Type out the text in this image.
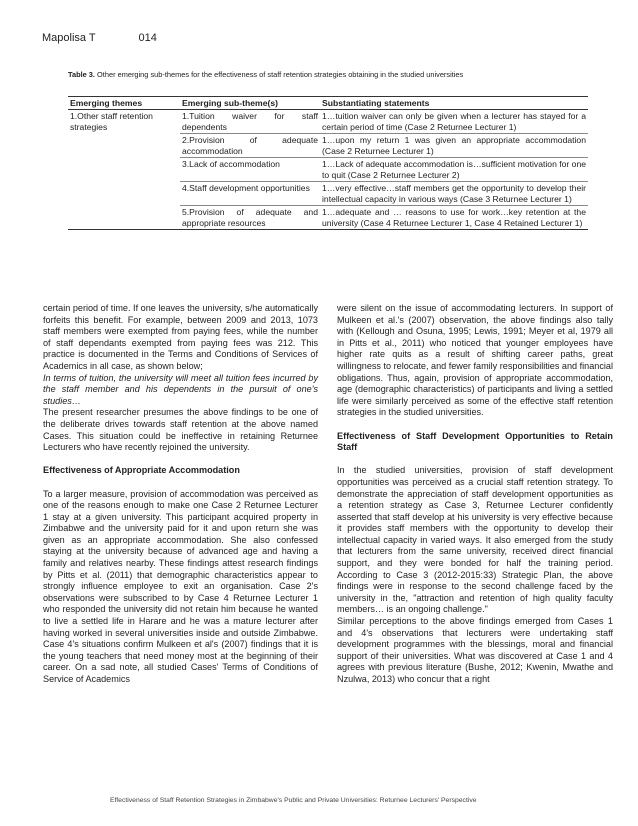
Mapolisa T	014
Table 3. Other emerging sub-themes for the effectiveness of staff retention strategies obtaining in the studied universities
Emerging themes	Emerging sub-theme(s)	Substantiating statements
1.Other staff retention strategies	1.Tuition waiver for staff dependents	1…tuition waiver can only be given when a lecturer has stayed for a certain period of time (Case 2 Returnee Lecturer 1)
	2.Provision of adequate accommodation	1…upon my return 1 was given an appropriate accommodation (Case 2 Returnee Lecturer 1)
	3.Lack of accommodation	1…Lack of adequate accommodation is…sufficient motivation for one to quit (Case 2 Returnee Lecturer 2)
	4.Staff development opportunities	1…very effective…staff members get the opportunity to develop their intellectual capacity in various ways (Case 3 Returnee Lecturer 1)
	5.Provision of adequate and appropriate resources	1…adequate and … reasons to use for work…key retention at the university (Case 4 Returnee Lecturer 1, Case 4 Retained Lecturer 1)

certain period of time. If one leaves the university, s/he automatically forfeits this benefit. For example, between 2009 and 2013, 1073 staff members were exempted from paying fees, while the number of staff dependants exempted from paying fees was 212. This practice is documented in the Terms and Conditions of Services of Academics in all case, as shown below;

In terms of tuition, the university will meet all tuition fees incurred by the staff member and his dependents in the pursuit of one's studies…

The present researcher presumes the above findings to be one of the deliberate drives towards staff retention at the above named Cases. This situation could be ineffective in retaining Returnee Lecturers who have recently rejoined the university.

Effectiveness of Appropriate Accommodation

To a larger measure, provision of accommodation was perceived as one of the reasons enough to make one Case 2 Returnee Lecturer 1 stay at a given university. This participant acquired property in Zimbabwe and the university paid for it and upon return she was given as an appropriate accommodation. She also confessed staying at the university because of advanced age and having a family and relatives nearby. These findings attest research findings by Pitts et al. (2011) that demographic characteristics appear to strongly influence employee to exit an organisation. Case 2's observations were subscribed to by Case 4 Returnee Lecturer 1 who responded the university did not retain him because he wanted to live a settled life in Harare and he was a mature lecturer after having worked in several universities inside and outside Zimbabwe. Case 4's situations confirm Mulkeen et al's (2007) findings that it is the young teachers that need money most at the beginning of their career. On a sad note, all studied Cases' Terms of Conditions of Service of Academics

were silent on the issue of accommodating lecturers. In support of Mulkeen et al.'s (2007) observation, the above findings also tally with (Kellough and Osuna, 1995; Lewis, 1991; Meyer et al, 1979 all in Pitts et al., 2011) who noticed that younger employees have higher rate quits as a result of shifting career paths, great willingness to relocate, and fewer family responsibilities and financial obligations. Thus, again, provision of appropriate accommodation, age (demographic characteristics) of participants and living a settled life were similarly perceived as some of the effective staff retention strategies in the studied universities.

Effectiveness of Staff Development Opportunities to Retain Staff

In the studied universities, provision of staff development opportunities was perceived as a crucial staff retention strategy. To demonstrate the appreciation of staff development opportunities as a retention strategy as Case 3, Returnee Lecturer confidently asserted that staff develop at his university is very effective because it provides staff members with the opportunity to develop their intellectual capacity in varied ways. It also emerged from the study that lecturers from the same university, received direct financial support, and they were bonded for half the training period. According to Case 3 (2012-2015:33) Strategic Plan, the above findings were in response to the second challenge faced by the university in the, "attraction and retention of high quality faculty members… is an ongoing challenge."

Similar perceptions to the above findings emerged from Cases 1 and 4's observations that lecturers were undertaking staff development programmes with the blessings, moral and financial support of their universities. What was discovered at Case 1 and 4 agrees with previous literature (Bushe, 2012; Kwenin, Mwathe and Nzulwa, 2013) who concur that a right

Effectiveness of Staff Retention Strategies in Zimbabwe's Public and Private Universities: Returnee Lecturers' Perspective
